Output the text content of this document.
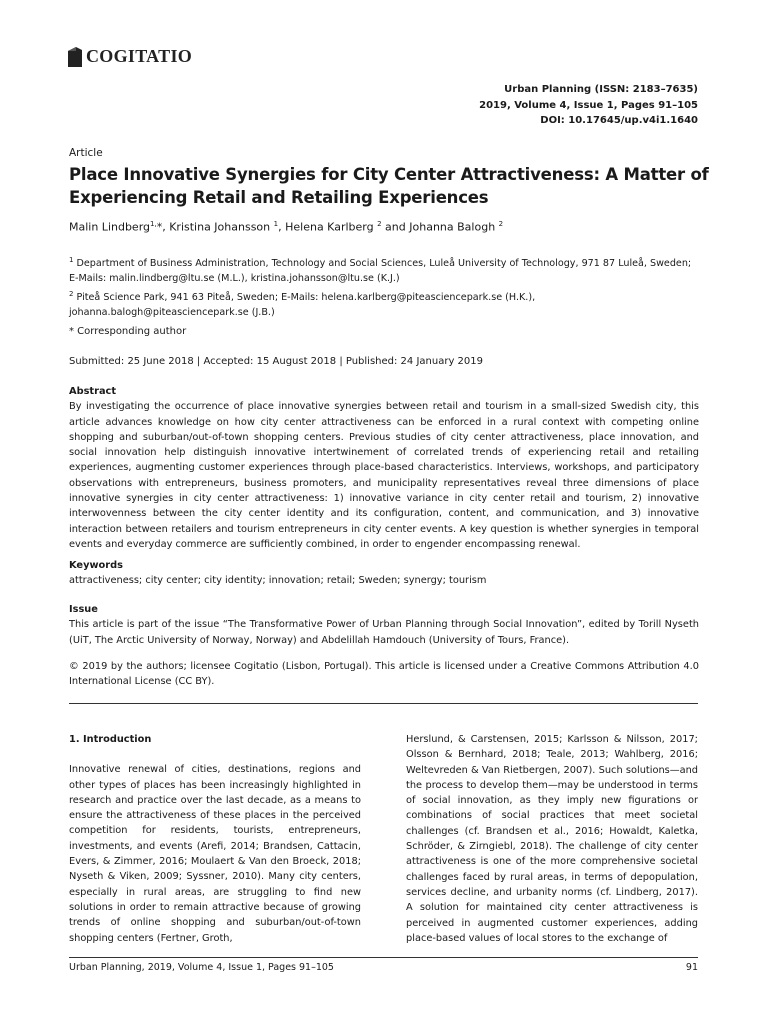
COGITATIO
Urban Planning (ISSN: 2183–7635)
2019, Volume 4, Issue 1, Pages 91–105
DOI: 10.17645/up.v4i1.1640
Article
Place Innovative Synergies for City Center Attractiveness: A Matter of Experiencing Retail and Retailing Experiences
Malin Lindberg$^{1,}$*, Kristina Johansson $^1$, Helena Karlberg $^2$ and Johanna Balogh $^2$
$^1$ Department of Business Administration, Technology and Social Sciences, Luleå University of Technology, 971 87 Luleå, Sweden; E-Mails: malin.lindberg@ltu.se (M.L.), kristina.johansson@ltu.se (K.J.)
$^2$ Piteå Science Park, 941 63 Piteå, Sweden; E-Mails: helena.karlberg@piteasciencepark.se (H.K.), johanna.balogh@piteasciencepark.se (J.B.)
* Corresponding author
Submitted: 25 June 2018 | Accepted: 15 August 2018 | Published: 24 January 2019
Abstract

By investigating the occurrence of place innovative synergies between retail and tourism in a small-sized Swedish city, this article advances knowledge on how city center attractiveness can be enforced in a rural context with competing online shopping and suburban/out-of-town shopping centers. Previous studies of city center attractiveness, place innovation, and social innovation help distinguish innovative intertwinement of correlated trends of experiencing retail and retailing experiences, augmenting customer experiences through place-based characteristics. Interviews, workshops, and participatory observations with entrepreneurs, business promoters, and municipality representatives reveal three dimensions of place innovative synergies in city center attractiveness: 1) innovative variance in city center retail and tourism, 2) innovative interwovenness between the city center identity and its configuration, content, and communication, and 3) innovative interaction between retailers and tourism entrepreneurs in city center events. A key question is whether synergies in temporal events and everyday commerce are sufficiently combined, in order to engender encompassing renewal.

Keywords

attractiveness; city center; city identity; innovation; retail; Sweden; synergy; tourism

Issue

This article is part of the issue “The Transformative Power of Urban Planning through Social Innovation”, edited by Torill Nyseth (UiT, The Arctic University of Norway, Norway) and Abdelillah Hamdouch (University of Tours, France).

© 2019 by the authors; licensee Cogitatio (Lisbon, Portugal). This article is licensed under a Creative Commons Attribution 4.0 International License (CC BY).

1. Introduction

Innovative renewal of cities, destinations, regions and other types of places has been increasingly highlighted in research and practice over the last decade, as a means to ensure the attractiveness of these places in the perceived competition for residents, tourists, entrepreneurs, investments, and events (Arefi, 2014; Brandsen, Cattacin, Evers, & Zimmer, 2016; Moulaert & Van den Broeck, 2018; Nyseth & Viken, 2009; Syssner, 2010). Many city centers, especially in rural areas, are struggling to find new solutions in order to remain attractive because of growing trends of online shopping and suburban/out-of-town shopping centers (Fertner, Groth,

Herslund, & Carstensen, 2015; Karlsson & Nilsson, 2017; Olsson & Bernhard, 2018; Teale, 2013; Wahlberg, 2016; Weltevreden & Van Rietbergen, 2007). Such solutions—and the process to develop them—may be understood in terms of social innovation, as they imply new figurations or combinations of social practices that meet societal challenges (cf. Brandsen et al., 2016; Howaldt, Kaletka, Schröder, & Zirngiebl, 2018). The challenge of city center attractiveness is one of the more comprehensive societal challenges faced by rural areas, in terms of depopulation, services decline, and urbanity norms (cf. Lindberg, 2017). A solution for maintained city center attractiveness is perceived in augmented customer experiences, adding place-based values of local stores to the exchange of

Urban Planning, 2019, Volume 4, Issue 1, Pages 91–105	91
